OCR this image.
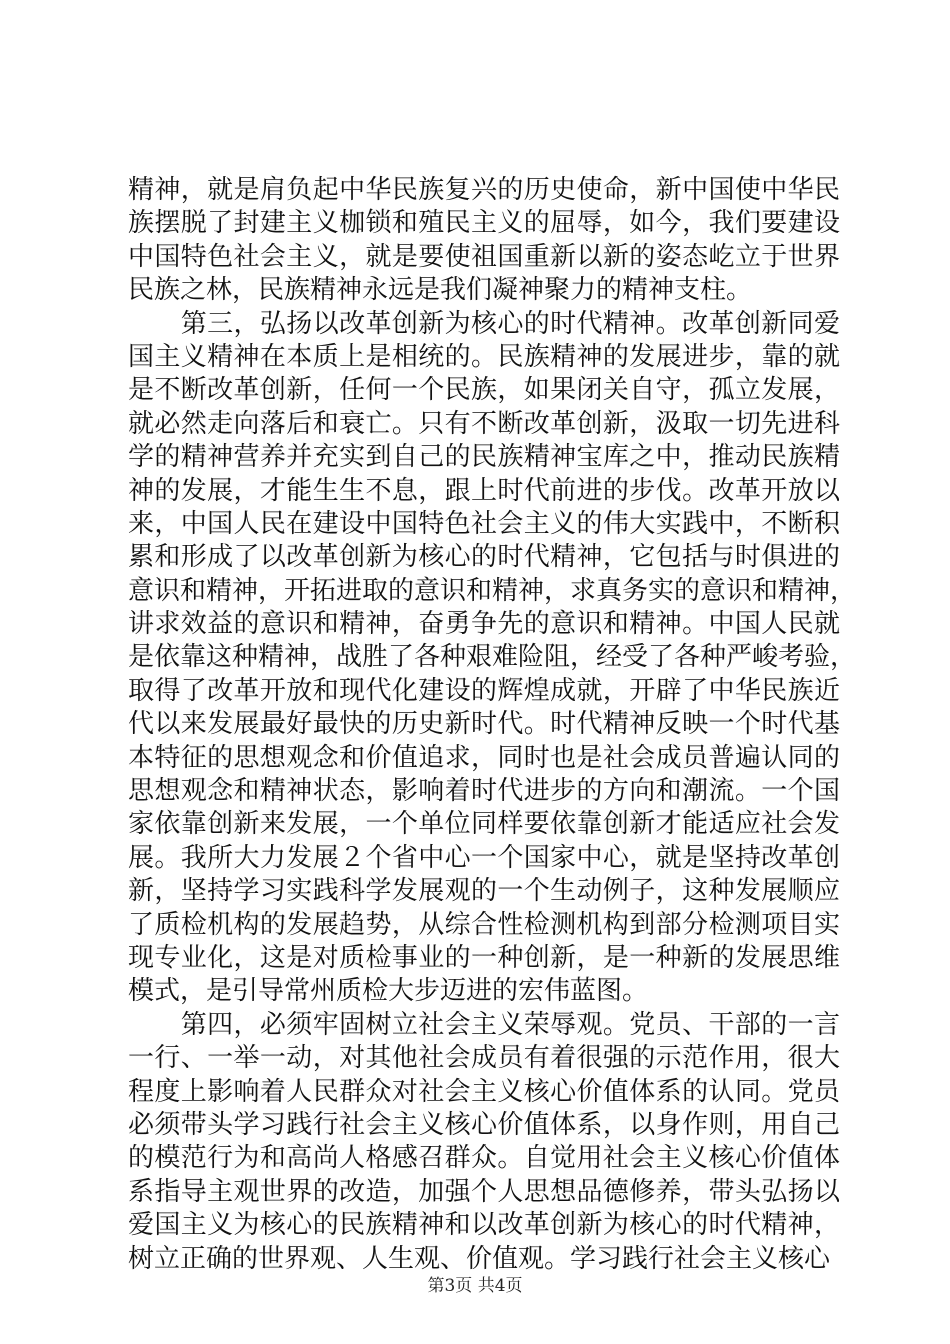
精神，就是肩负起中华民族复兴的历史使命，新中国使中华民
族摆脱了封建主义枷锁和殖民主义的屈辱，如今，我们要建设
中国特色社会主义，就是要使祖国重新以新的姿态屹立于世界
民族之林，民族精神永远是我们凝神聚力的精神支柱。
　　第三，弘扬以改革创新为核心的时代精神。改革创新同爱
国主义精神在本质上是相统的。民族精神的发展进步，靠的就
是不断改革创新，任何一个民族，如果闭关自守，孤立发展，
就必然走向落后和衰亡。只有不断改革创新，汲取一切先进科
学的精神营养并充实到自己的民族精神宝库之中，推动民族精
神的发展，才能生生不息，跟上时代前进的步伐。改革开放以
来，中国人民在建设中国特色社会主义的伟大实践中，不断积
累和形成了以改革创新为核心的时代精神，它包括与时俱进的
意识和精神，开拓进取的意识和精神，求真务实的意识和精神，
讲求效益的意识和精神，奋勇争先的意识和精神。中国人民就
是依靠这种精神，战胜了各种艰难险阻，经受了各种严峻考验，
取得了改革开放和现代化建设的辉煌成就，开辟了中华民族近
代以来发展最好最快的历史新时代。时代精神反映一个时代基
本特征的思想观念和价值追求，同时也是社会成员普遍认同的
思想观念和精神状态，影响着时代进步的方向和潮流。一个国
家依靠创新来发展，一个单位同样要依靠创新才能适应社会发
展。我所大力发展２个省中心一个国家中心，就是坚持改革创
新，坚持学习实践科学发展观的一个生动例子，这种发展顺应
了质检机构的发展趋势，从综合性检测机构到部分检测项目实
现专业化，这是对质检事业的一种创新，是一种新的发展思维
模式，是引导常州质检大步迈进的宏伟蓝图。
　　第四，必须牢固树立社会主义荣辱观。党员、干部的一言
一行、一举一动，对其他社会成员有着很强的示范作用，很大
程度上影响着人民群众对社会主义核心价值体系的认同。党员
必须带头学习践行社会主义核心价值体系，以身作则，用自己
的模范行为和高尚人格感召群众。自觉用社会主义核心价值体
系指导主观世界的改造，加强个人思想品德修养，带头弘扬以
爱国主义为核心的民族精神和以改革创新为核心的时代精神，
树立正确的世界观、人生观、价值观。学习践行社会主义核心
第3页 共4页
